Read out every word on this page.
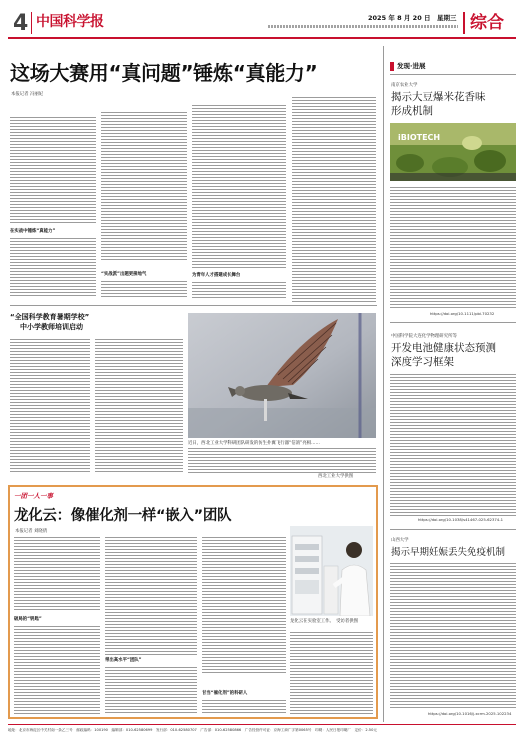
4 中国科学报	2025 年 8 月 20 日　星期三 综合
这场大赛用“真问题”锤炼“真能力”
本报记者 冯丽妃
在实战中锤炼“真能力”
“实战派”出题更接地气	为青年人才搭建成长舞台
“全国科学教育暑期学校”
中小学教师培训启动
近日，西北工业大学科研团队研发的仿生扑翼飞行器“信鸽”亮相……
西北工业大学供图
一团一人一事
龙化云：像催化剂一样“嵌入”团队
本报记者 刘晓倩
破局的“钥匙”
带出高水平“团队”
甘当“催化剂”的科研人
龙化云在实验室工作。　受访者供图
发现·进展
南京农业大学
揭示大豆爆米花香味
形成机制
iBIOTECH
https://doi.org/10.1111/pbi.70232
中国科学院大连化学物理研究所等
开发电池健康状态预测
深度学习框架
https://doi.org/10.1038/s41467-025-62374-1
山西大学
揭示早期妊娠丢失免疫机制
https://doi.org/10.1016/j.xcrm.2025.102234
地址：北京市海淀区中关村南一条乙三号　邮政编码：100190　编辑部：010-62580699　发行部：010-62580707　广告部：010-62580866　广告经营许可证：京海工商广字第0065号　印刷：人民日报印刷厂　定价：2.50元
